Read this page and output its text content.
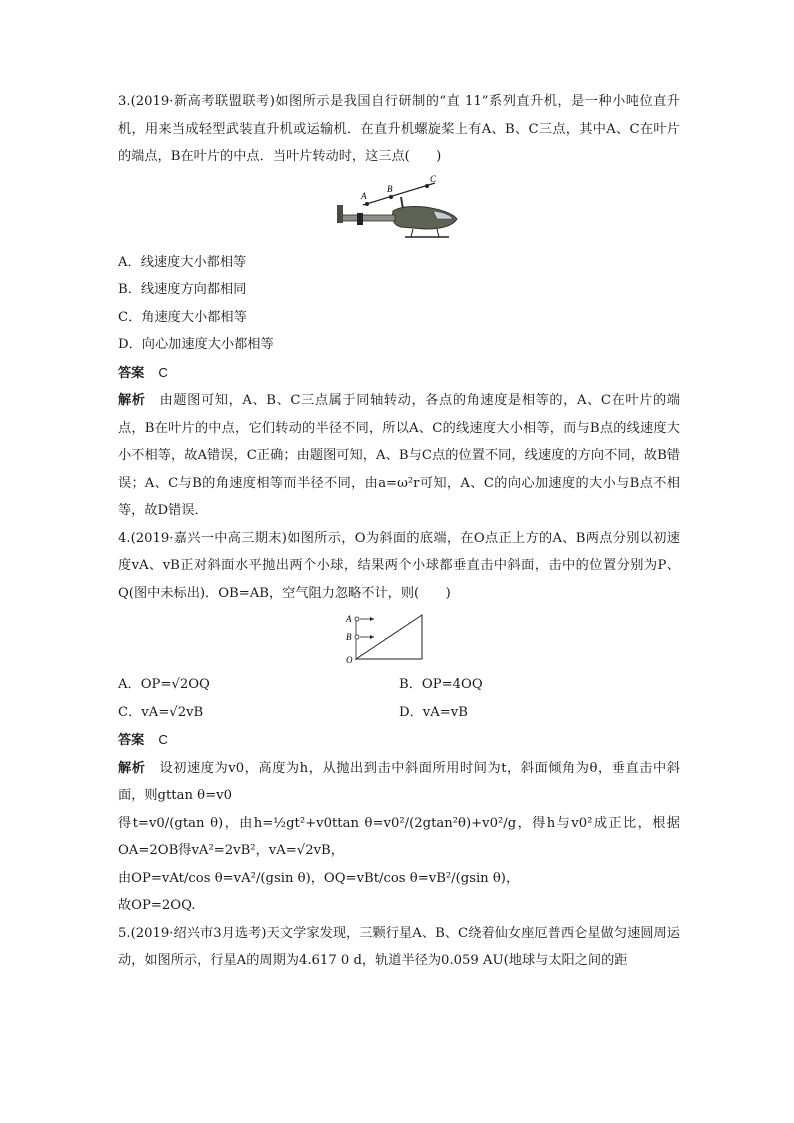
3.(2019·新高考联盟联考)如图所示是我国自行研制的“直 11”系列直升机，是一种小吨位直升机，用来当成轻型武装直升机或运输机．在直升机螺旋桨上有A、B、C三点，其中A、C在叶片的端点，B在叶片的中点．当叶片转动时，这三点(　　)

A
B
C

A．线速度大小都相等

B．线速度方向都相同

C．角速度大小都相等

D．向心加速度大小都相等

答案 C

解析 由题图可知，A、B、C三点属于同轴转动，各点的角速度是相等的，A、C在叶片的端点，B在叶片的中点，它们转动的半径不同，所以A、C的线速度大小相等，而与B点的线速度大小不相等，故A错误，C正确；由题图可知，A、B与C点的位置不同，线速度的方向不同，故B错误；A、C与B的角速度相等而半径不同，由a=ω²r可知，A、C的向心加速度的大小与B点不相等，故D错误．

4.(2019·嘉兴一中高三期末)如图所示，O为斜面的底端，在O点正上方的A、B两点分别以初速度vA、vB正对斜面水平抛出两个小球，结果两个小球都垂直击中斜面，击中的位置分别为P、Q(图中未标出)．OB=AB，空气阻力忽略不计，则(　　)

A
B
O
A．OP=√2OQ	B．OP=4OQ
C．vA=√2vB	D．vA=vB

答案 C

解析 设初速度为v0，高度为h，从抛出到击中斜面所用时间为t，斜面倾角为θ，垂直击中斜面，则gttan θ=v0

得t=v0/(gtan θ)，由h=½gt²+v0ttan θ=v0²/(2gtan²θ)+v0²/g，得h与v0²成正比，根据OA=2OB得vA²=2vB²，vA=√2vB，

由OP=vAt/cos θ=vA²/(gsin θ)，OQ=vBt/cos θ=vB²/(gsin θ)，

故OP=2OQ.

5.(2019·绍兴市3月选考)天文学家发现，三颗行星A、B、C绕着仙女座厄普西仑星做匀速圆周运动，如图所示，行星A的周期为4.617 0 d，轨道半径为0.059 AU(地球与太阳之间的距
